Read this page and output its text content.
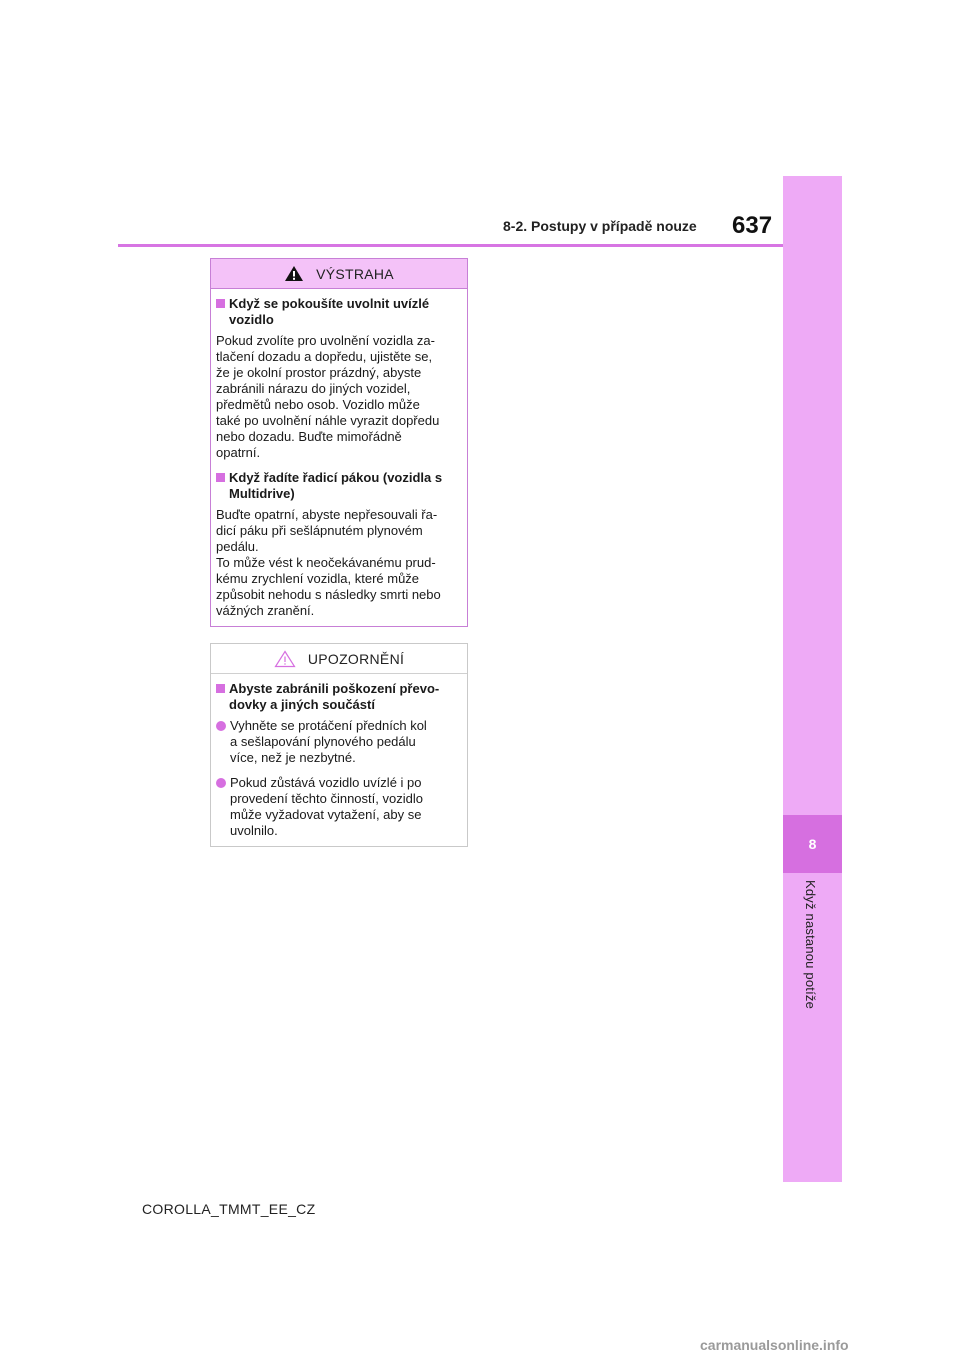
8
Když nastanou potíže
8-2. Postupy v případě nouze 637
VÝSTRAHA
Když se pokoušíte uvolnit uvízlé vozidlo
Pokud zvolíte pro uvolnění vozidla za-
tlačení dozadu a dopředu, ujistěte se,
že je okolní prostor prázdný, abyste
zabránili nárazu do jiných vozidel,
předmětů nebo osob. Vozidlo může
také po uvolnění náhle vyrazit dopředu
nebo dozadu. Buďte mimořádně
opatrní.
Když řadíte řadicí pákou (vozidla s Multidrive)
Buďte opatrní, abyste nepřesouvali řa-
dicí páku při sešlápnutém plynovém
pedálu.
To může vést k neočekávanému prud-
kému zrychlení vozidla, které může
způsobit nehodu s následky smrti nebo
vážných zranění.
UPOZORNĚNÍ
Abyste zabránili poškození převo-dovky a jiných součástí
Vyhněte se protáčení předních kol
a sešlapování plynového pedálu
více, než je nezbytné.
Pokud zůstává vozidlo uvízlé i po
provedení těchto činností, vozidlo
může vyžadovat vytažení, aby se
uvolnilo.
COROLLA_TMMT_EE_CZ
carmanualsonline.info
